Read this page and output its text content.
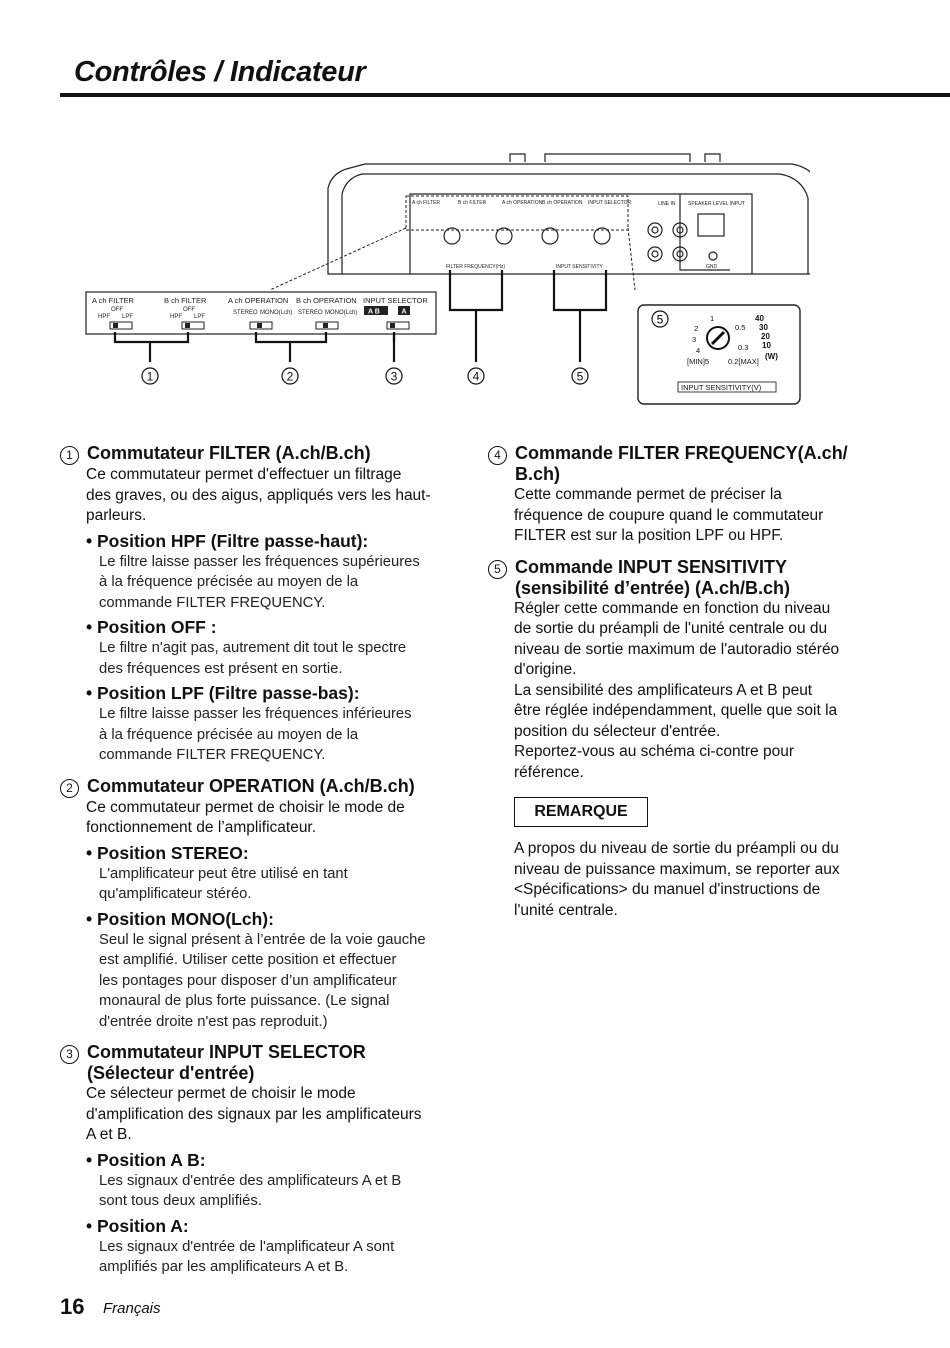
Contrôles / Indicateur
A ch FILTER	B ch FILTER	A ch OPERATION B ch OPERATION INPUT SELECTOR	LINE IN SPEAKER LEVEL INPUT
GND
FILTER FREQUENCY(Hz)	INPUT SENSITIVITY
A ch FILTER	B ch FILTER	A ch OPERATION B ch OPERATION INPUT SELECTOR
OFF
HPF LPF
OFF
HPF LPF
STEREO MONO(Lch) STEREO MONO(Lch) A B	A
1	2	3	4	5
5	1
2
3
4
[MIN]5
0.5
0.3
0.2[MAX]
40
30
20
10
(W)
INPUT SENSITIVITY(V)
1 Commutateur FILTER (A.ch/B.ch)
Ce commutateur permet d'effectuer un filtrage
des graves, ou des aigus, appliqués vers les haut-
parleurs.
• Position HPF (Filtre passe-haut):
Le filtre laisse passer les fréquences supérieures
à la fréquence précisée au moyen de la
commande FILTER FREQUENCY.
• Position OFF :
Le filtre n'agit pas, autrement dit tout le spectre
des fréquences est présent en sortie.
• Position LPF (Filtre passe-bas):
Le filtre laisse passer les fréquences inférieures
à la fréquence précisée au moyen de la
commande FILTER FREQUENCY.
2 Commutateur OPERATION (A.ch/B.ch)
Ce commutateur permet de choisir le mode de
fonctionnement de l’amplificateur.
• Position STEREO:
L'amplificateur peut être utilisé en tant
qu'amplificateur stéréo.
• Position MONO(Lch):
Seul le signal présent à l’entrée de la voie gauche
est amplifié. Utiliser cette position et effectuer
les pontages pour disposer d’un amplificateur
monaural de plus forte puissance. (Le signal
d'entrée droite n'est pas reproduit.)
3 Commutateur INPUT SELECTOR
(Sélecteur d'entrée)
Ce sélecteur permet de choisir le mode
d'amplification des signaux par les amplificateurs
A et B.
• Position A B:
Les signaux d'entrée des amplificateurs A et B
sont tous deux amplifiés.
• Position A:
Les signaux d'entrée de l'amplificateur A sont
amplifiés par les amplificateurs A et B.
4 Commande FILTER FREQUENCY(A.ch/
B.ch)
Cette commande permet de préciser la
fréquence de coupure quand le commutateur
FILTER est sur la position LPF ou HPF.
5 Commande INPUT SENSITIVITY
(sensibilité d’entrée) (A.ch/B.ch)
Régler cette commande en fonction du niveau
de sortie du préampli de l'unité centrale ou du
niveau de sortie maximum de l'autoradio stéréo
d'origine.
La sensibilité des amplificateurs A et B peut
être réglée indépendamment, quelle que soit la
position du sélecteur d'entrée.
Reportez-vous au schéma ci-contre pour
référence.
REMARQUE
A propos du niveau de sortie du préampli ou du
niveau de puissance maximum, se reporter aux
<Spécifications> du manuel d'instructions de
l'unité centrale.
16 Français
